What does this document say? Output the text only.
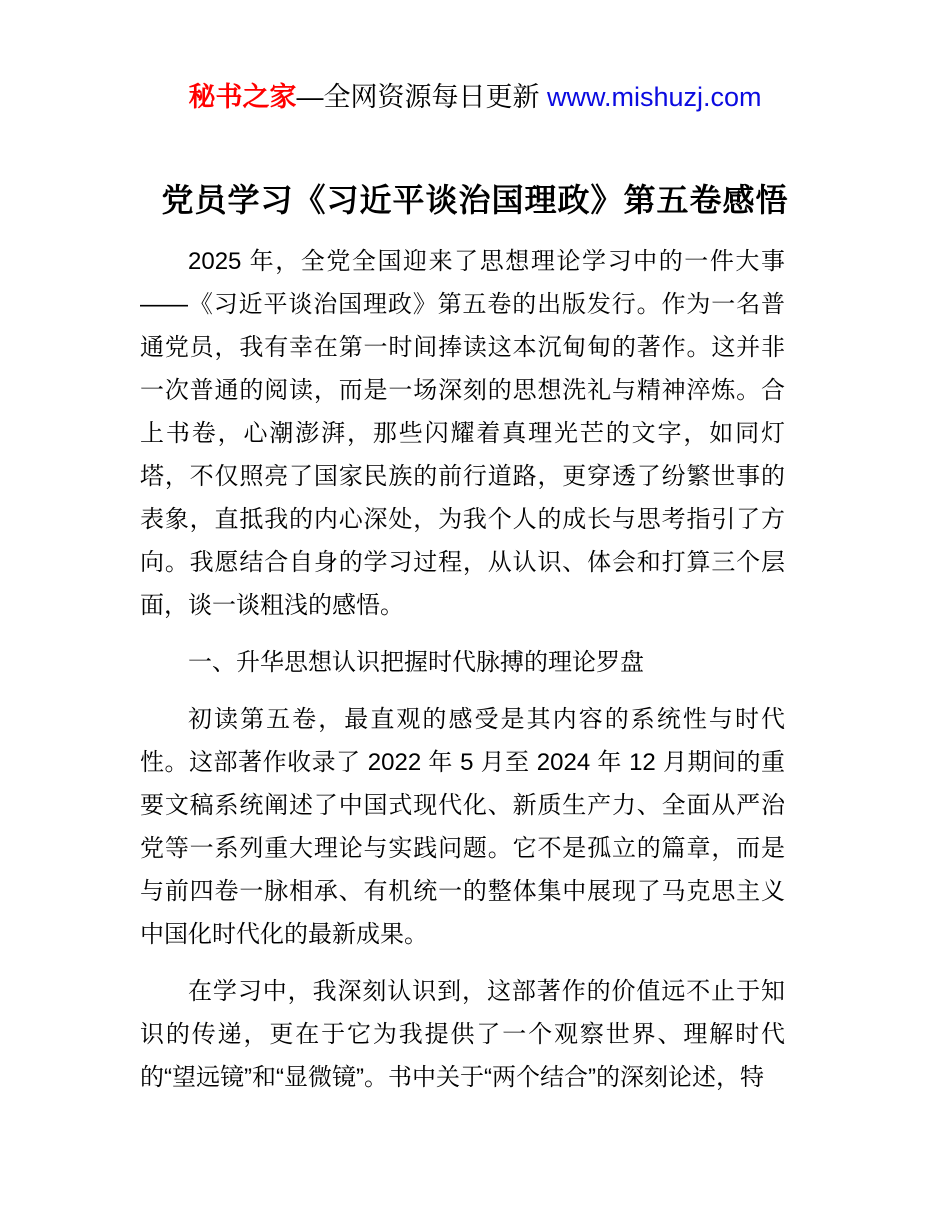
秘书之家—全网资源每日更新 www.mishuzj.com
党员学习《习近平谈治国理政》第五卷感悟

2025 年，全党全国迎来了思想理论学习中的一件大事——《习近平谈治国理政》第五卷的出版发行。作为一名普通党员，我有幸在第一时间捧读这本沉甸甸的著作。这并非一次普通的阅读，而是一场深刻的思想洗礼与精神淬炼。合上书卷，心潮澎湃，那些闪耀着真理光芒的文字，如同灯塔，不仅照亮了国家民族的前行道路，更穿透了纷繁世事的表象，直抵我的内心深处，为我个人的成长与思考指引了方向。我愿结合自身的学习过程，从认识、体会和打算三个层面，谈一谈粗浅的感悟。

一、升华思想认识把握时代脉搏的理论罗盘

初读第五卷，最直观的感受是其内容的系统性与时代性。这部著作收录了 2022 年 5 月至 2024 年 12 月期间的重要文稿系统阐述了中国式现代化、新质生产力、全面从严治党等一系列重大理论与实践问题。它不是孤立的篇章，而是与前四卷一脉相承、有机统一的整体集中展现了马克思主义中国化时代化的最新成果。

在学习中，我深刻认识到，这部著作的价值远不止于知识的传递，更在于它为我提供了一个观察世界、理解时代的“望远镜”和“显微镜”。书中关于“两个结合”的深刻论述，特
